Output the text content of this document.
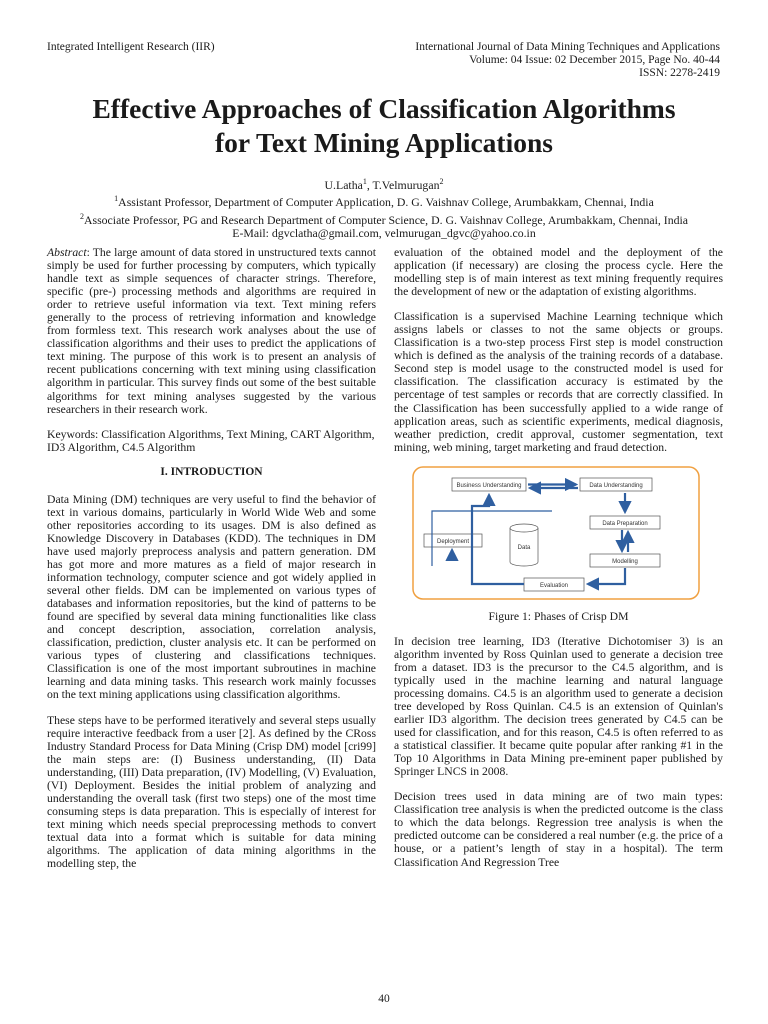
Integrated Intelligent Research (IIR)	International Journal of Data Mining Techniques and Applications
Volume: 04 Issue: 02 December 2015, Page No. 40-44
ISSN: 2278-2419
Effective Approaches of Classification Algorithms
for Text Mining Applications
U.Latha$^1$, T.Velmurugan$^2$
$^1$Assistant Professor, Department of Computer Application, D. G. Vaishnav College, Arumbakkam, Chennai, India
$^2$Associate Professor, PG and Research Department of Computer Science, D. G. Vaishnav College, Arumbakkam, Chennai, India
E-Mail: dgvclatha@gmail.com, velmurugan_dgvc@yahoo.co.in

Abstract: The large amount of data stored in unstructured texts cannot simply be used for further processing by computers, which typically handle text as simple sequences of character strings. Therefore, specific (pre-) processing methods and algorithms are required in order to retrieve useful information via text. Text mining refers generally to the process of retrieving information and knowledge from formless text. This research work analyses about the use of classification algorithms and their uses to predict the applications of text mining. The purpose of this work is to present an analysis of recent publications concerning with text mining using classification algorithm in particular. This survey finds out some of the best suitable algorithms for text mining analyses suggested by the various researchers in their research work.

Keywords: Classification Algorithms, Text Mining, CART Algorithm, ID3 Algorithm, C4.5 Algorithm

I. INTRODUCTION

Data Mining (DM) techniques are very useful to find the behavior of text in various domains, particularly in World Wide Web and some other repositories according to its usages. DM is also defined as Knowledge Discovery in Databases (KDD). The techniques in DM have used majorly preprocess analysis and pattern generation. DM has got more and more matures as a field of major research in information technology, computer science and got widely applied in several other fields. DM can be implemented on various types of databases and information repositories, but the kind of patterns to be found are specified by several data mining functionalities like class and concept description, association, correlation analysis, classification, prediction, cluster analysis etc. It can be performed on various types of clustering and classifications techniques. Classification is one of the most important subroutines in machine learning and data mining tasks. This research work mainly focusses on the text mining applications using classification algorithms.

These steps have to be performed iteratively and several steps usually require interactive feedback from a user [2]. As defined by the CRoss Industry Standard Process for Data Mining (Crisp DM) model [cri99] the main steps are: (I) Business understanding, (II) Data understanding, (III) Data preparation, (IV) Modelling, (V) Evaluation, (VI) Deployment. Besides the initial problem of analyzing and understanding the overall task (first two steps) one of the most time consuming steps is data preparation. This is especially of interest for text mining which needs special preprocessing methods to convert textual data into a format which is suitable for data mining algorithms. The application of data mining algorithms in the modelling step, the

evaluation of the obtained model and the deployment of the application (if necessary) are closing the process cycle. Here the modelling step is of main interest as text mining frequently requires the development of new or the adaptation of existing algorithms.

Classification is a supervised Machine Learning technique which assigns labels or classes to not the same objects or groups. Classification is a two-step process First step is model construction which is defined as the analysis of the training records of a database. Second step is model usage to the constructed model is used for classification. The classification accuracy is estimated by the percentage of test samples or records that are correctly classified. In the Classification has been successfully applied to a wide range of application areas, such as scientific experiments, medical diagnosis, weather prediction, credit approval, customer segmentation, text mining, web mining, target marketing and fraud detection.

Business Understanding	Data Understanding
Data Preparation
Deployment
Modelling
Evaluation
Data
Figure 1: Phases of Crisp DM

In decision tree learning, ID3 (Iterative Dichotomiser 3) is an algorithm invented by Ross Quinlan used to generate a decision tree from a dataset. ID3 is the precursor to the C4.5 algorithm, and is typically used in the machine learning and natural language processing domains. C4.5 is an algorithm used to generate a decision tree developed by Ross Quinlan. C4.5 is an extension of Quinlan's earlier ID3 algorithm. The decision trees generated by C4.5 can be used for classification, and for this reason, C4.5 is often referred to as a statistical classifier. It became quite popular after ranking #1 in the Top 10 Algorithms in Data Mining pre-eminent paper published by Springer LNCS in 2008.

Decision trees used in data mining are of two main types: Classification tree analysis is when the predicted outcome is the class to which the data belongs. Regression tree analysis is when the predicted outcome can be considered a real number (e.g. the price of a house, or a patient’s length of stay in a hospital). The term Classification And Regression Tree

40
